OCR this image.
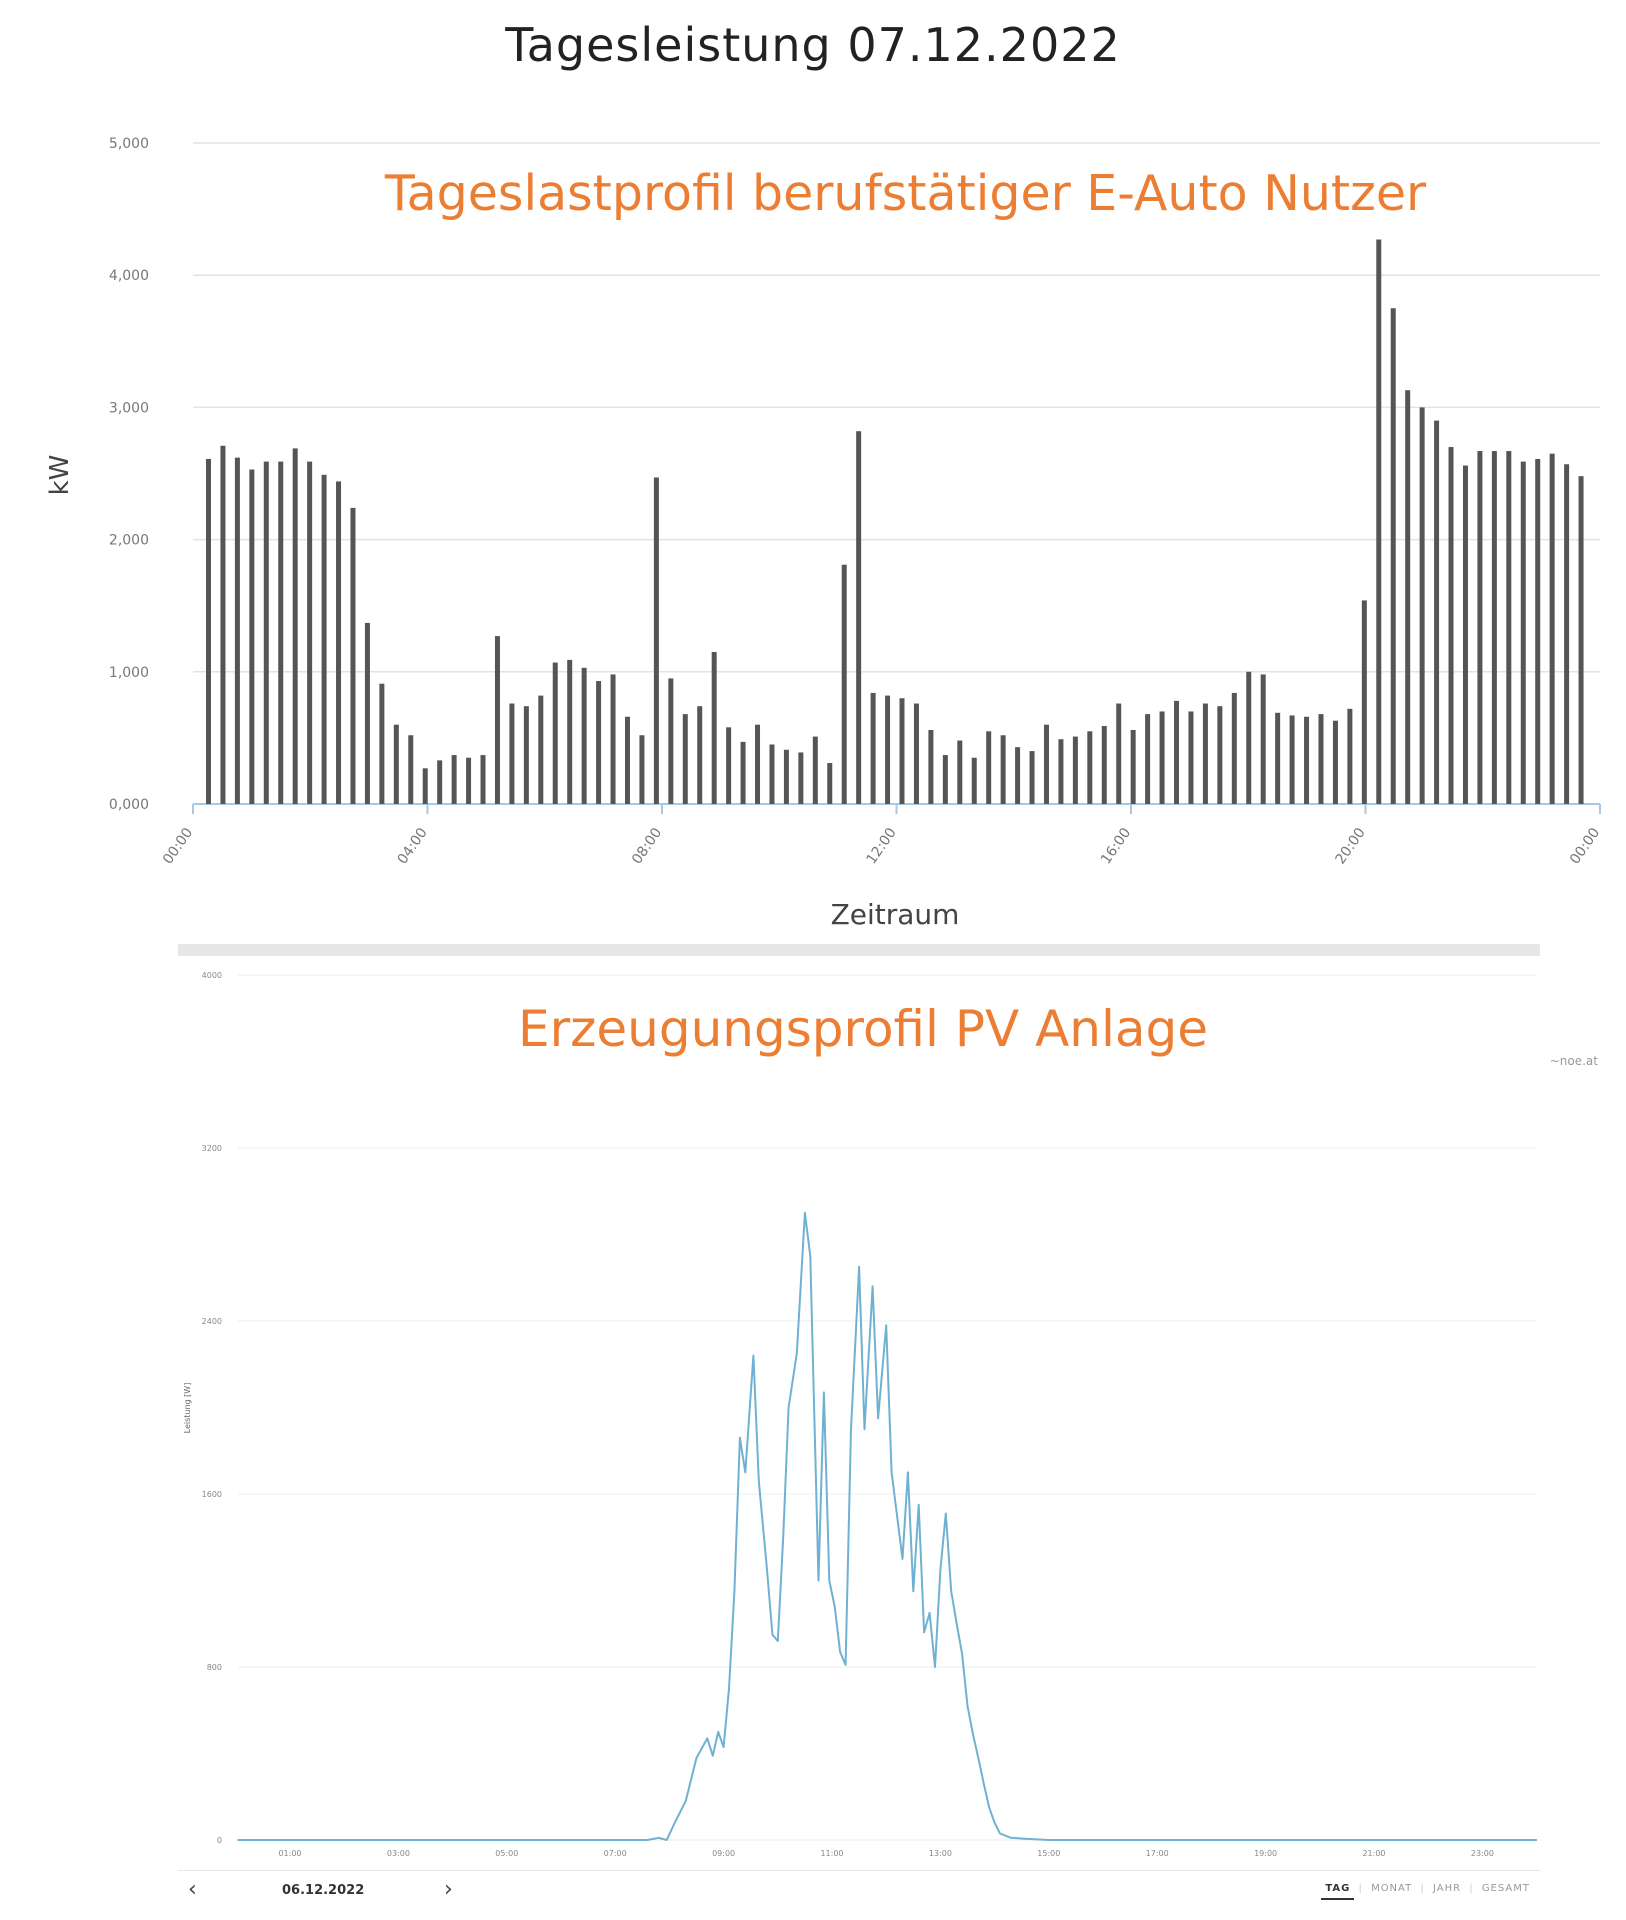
Tagesleistung 07.12.2022
0,000
1,000
2,000
3,000
4,000
5,000
00:00	04:00	08:00	12:00	16:00	20:00	00:00
Zeitraum
kW
Tageslastprofil berufstätiger E-Auto Nutzer
0
800
1600
2400
3200
4000
01:00	03:00	05:00	07:00	09:00	11:00	13:00	15:00	17:00	19:00	21:00	23:00
Leistung [W]
Erzeugungsprofil PV Anlage
~noe.at
‹	06.12.2022	›	TAG | MONAT | JAHR | GESAMT
